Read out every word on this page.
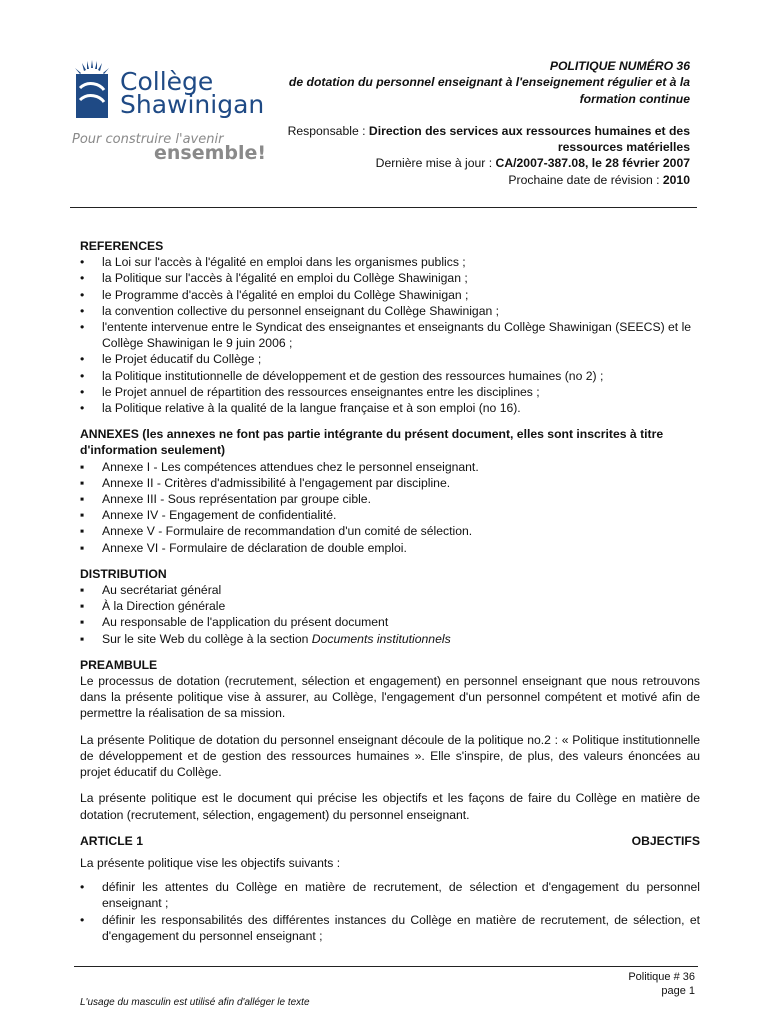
Collège
Shawinigan
Pour construire l'avenir
ensemble!
POLITIQUE NUMÉRO 36
de dotation du personnel enseignant à l'enseignement régulier et à la
formation continue
Responsable : Direction des services aux ressources humaines et des
ressources matérielles
Dernière mise à jour : CA/2007-387.08, le 28 février 2007
Prochaine date de révision : 2010
REFERENCES
•	la Loi sur l'accès à l'égalité en emploi dans les organismes publics ;
•	la Politique sur l'accès à l'égalité en emploi du Collège Shawinigan ;
•	le Programme d'accès à l'égalité en emploi du Collège Shawinigan ;
•	la convention collective du personnel enseignant du Collège Shawinigan ;
•	l'entente intervenue entre le Syndicat des enseignantes et enseignants du Collège Shawinigan (SEECS) et le Collège Shawinigan le 9 juin 2006 ;
•	le Projet éducatif du Collège ;
•	la Politique institutionnelle de développement et de gestion des ressources humaines (no 2) ;
•	le Projet annuel de répartition des ressources enseignantes entre les disciplines ;
•	la Politique relative à la qualité de la langue française et à son emploi (no 16).
ANNEXES (les annexes ne font pas partie intégrante du présent document, elles sont inscrites à titre d'information seulement)
▪	Annexe I - Les compétences attendues chez le personnel enseignant.
▪	Annexe II - Critères d'admissibilité à l'engagement par discipline.
▪	Annexe III - Sous représentation par groupe cible.
▪	Annexe IV - Engagement de confidentialité.
▪	Annexe V - Formulaire de recommandation d'un comité de sélection.
▪	Annexe VI - Formulaire de déclaration de double emploi.
DISTRIBUTION
▪	Au secrétariat général
▪	À la Direction générale
▪	Au responsable de l'application du présent document
▪	Sur le site Web du collège à la section Documents institutionnels
PREAMBULE
Le processus de dotation (recrutement, sélection et engagement) en personnel enseignant que nous retrouvons dans la présente politique vise à assurer, au Collège, l'engagement d'un personnel compétent et motivé afin de permettre la réalisation de sa mission.
La présente Politique de dotation du personnel enseignant découle de la politique no.2 : « Politique institutionnelle de développement et de gestion des ressources humaines ». Elle s'inspire, de plus, des valeurs énoncées au projet éducatif du Collège.
La présente politique est le document qui précise les objectifs et les façons de faire du Collège en matière de dotation (recrutement, sélection, engagement) du personnel enseignant.
ARTICLE 1	OBJECTIFS
La présente politique vise les objectifs suivants :
•	définir les attentes du Collège en matière de recrutement, de sélection et d'engagement du personnel enseignant ;
•	définir les responsabilités des différentes instances du Collège en matière de recrutement, de sélection, et d'engagement du personnel enseignant ;
Politique # 36
page 1
L'usage du masculin est utilisé afin d'alléger le texte
